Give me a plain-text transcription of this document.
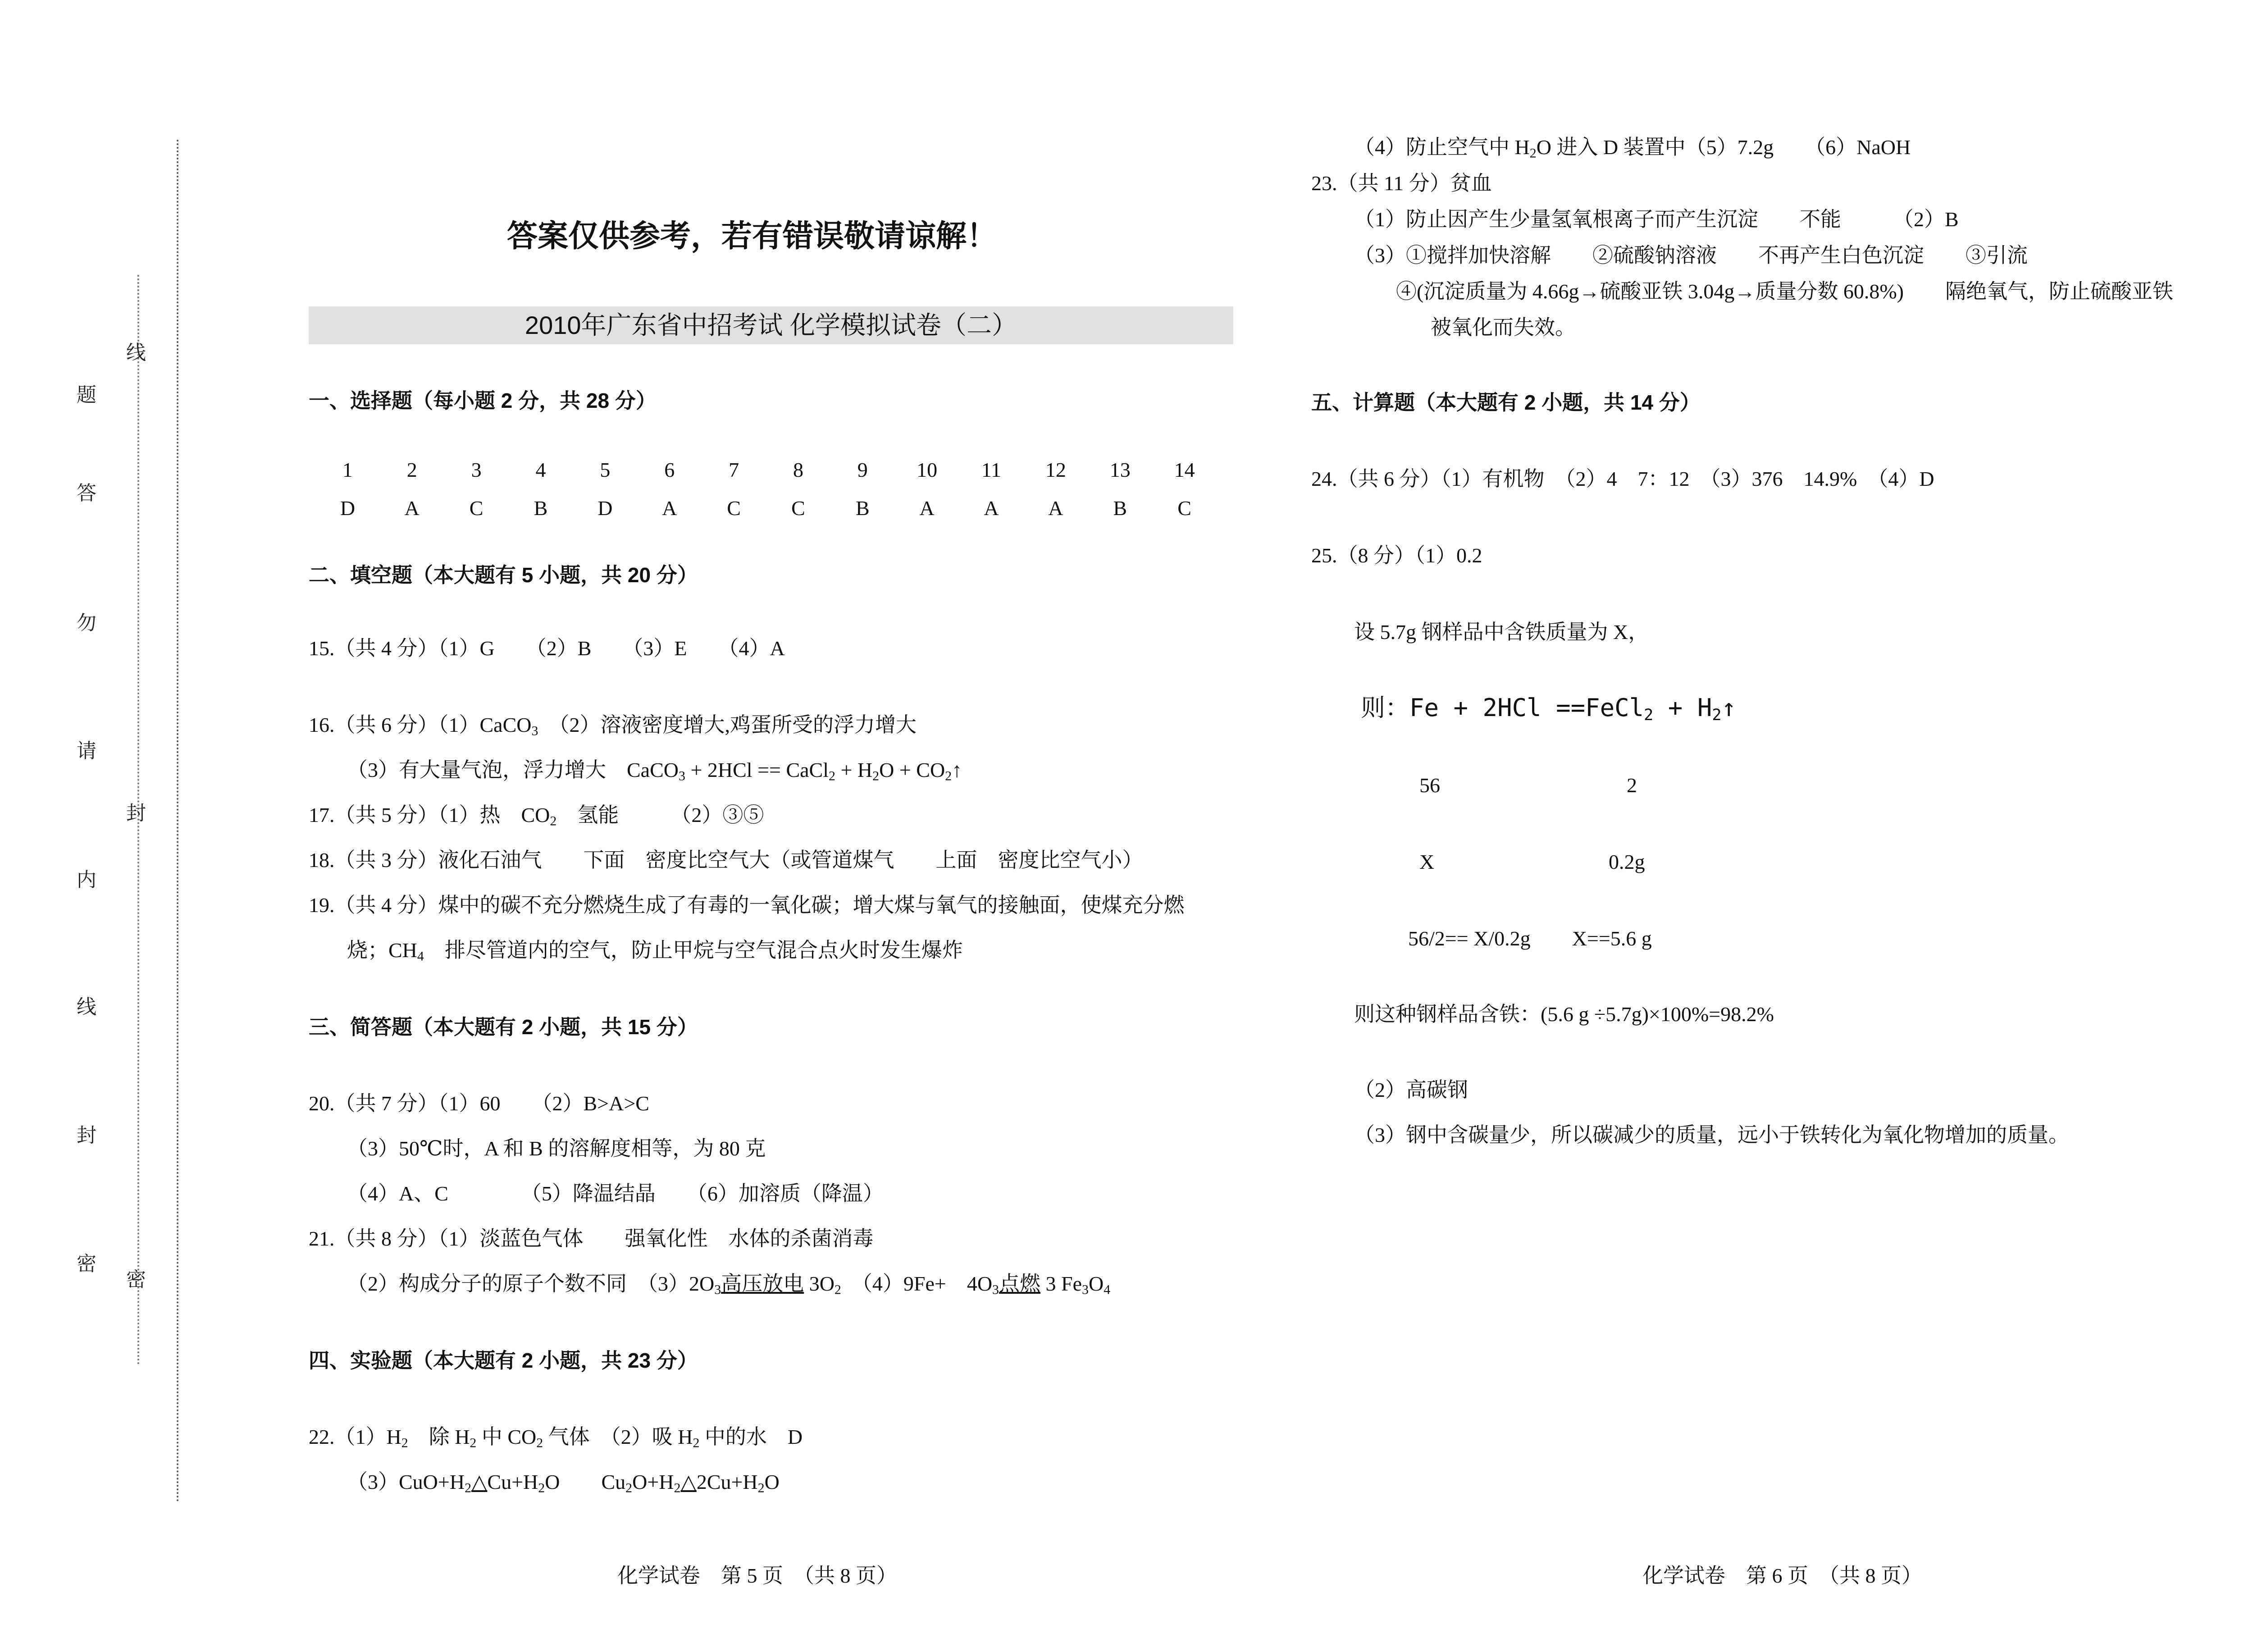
题
答
勿
请
内
线
封
密
线
封
密
答案仅供参考，若有错误敬请谅解！
2010年广东省中招考试 化学模拟试卷（二）
一、选择题（每小题 2 分，共 28 分）
1	2	3	4	5	6	7	8	9	10	11	12	13	14
D	A	C	B	D	A	C	C	B	A	A	A	B	C
二、填空题（本大题有 5 小题，共 20 分）
15.（共 4 分）（1）G　　（2）B　　（3）E　　（4）A
16.（共 6 分）（1）CaCO$_3$　（2）溶液密度增大,鸡蛋所受的浮力增大
（3）有大量气泡，浮力增大　CaCO$_3$ + 2HCl == CaCl$_2$ + $H_2O$ + $CO_2↑$
17.（共 5 分）（1）热　$CO_2$　氢能　　　（2）③⑤
18.（共 3 分）液化石油气　　下面　密度比空气大（或管道煤气　　上面　密度比空气小）
19.（共 4 分）煤中的碳不充分燃烧生成了有毒的一氧化碳；增大煤与氧气的接触面，使煤充分燃
烧；$CH_4$　排尽管道内的空气，防止甲烷与空气混合点火时发生爆炸
三、简答题（本大题有 2 小题，共 15 分）
20.（共 7 分）（1）60　　（2）B>A>C
（3）50℃时，A 和 B 的溶解度相等，为 80 克
（4）A、C　　　　（5）降温结晶　　（6）加溶质（降温）
21.（共 8 分）（1）淡蓝色气体　　强氧化性　水体的杀菌消毒
（2）构成分子的原子个数不同　$(3)2O_3$高压放电 $3O_2$　（4）9Fe+　$4O_3$点燃 3 $Fe_3O_4$
四、实验题（本大题有 2 小题，共 23 分）
$22.(1)H_2$　除 $H_2$ 中 $CO_2$ 气体　（2）吸 $H_2$ 中的水　D
$(3)CuO+H_2\triangle Cu+H_2O$　　$Cu_2O+H_2\triangle 2Cu+H_2O$
化学试卷　第 5 页　（共 8 页）
（4）防止空气中 $H_2O$ 进入 D 装置中（5）7.2g　　（6）NaOH
23.（共 11 分）贫血
（1）防止因产生少量氢氧根离子而产生沉淀　　不能　　　（2）B
（3）①搅拌加快溶解　　②硫酸钠溶液　　不再产生白色沉淀　　③引流
④(沉淀质量为 4.66g→硫酸亚铁 3.04g→质量分数 60.8%)　　隔绝氧气，防止硫酸亚铁
被氧化而失效。
五、计算题（本大题有 2 小题，共 14 分）
24.（共 6 分）（1）有机物　（2）4　7：12　（3）376　14.9%　（4）D
25.（8 分）（1）0.2
设 5.7g 钢样品中含铁质量为 X，
则：Fe + 2HCl ==FeCl$_2$ + $H_2↑$
56	2
X	0.2g
56/2== X/0.2g　　X==5.6 g
则这种钢样品含铁：(5.6 g ÷5.7g)×100%=98.2%
（2）高碳钢
（3）钢中含碳量少，所以碳减少的质量，远小于铁转化为氧化物增加的质量。
化学试卷　第 6 页　（共 8 页）
